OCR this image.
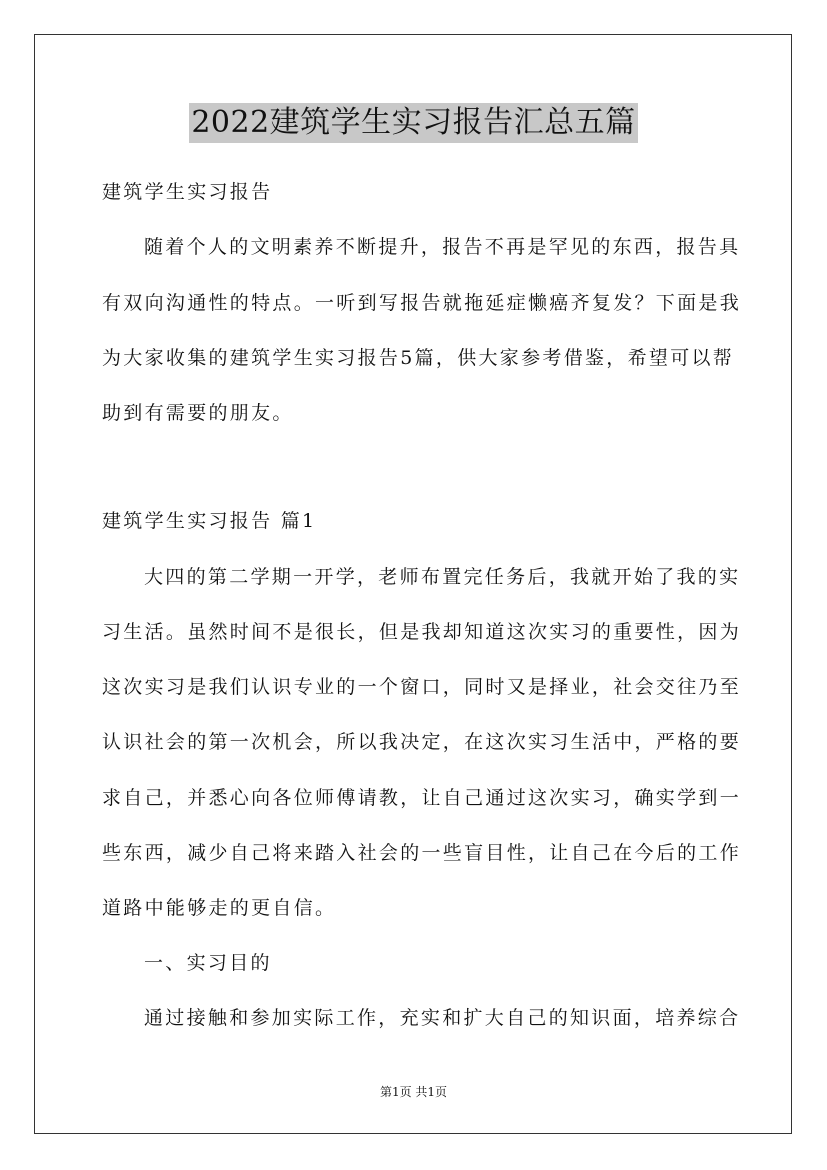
2022建筑学生实习报告汇总五篇
建筑学生实习报告
随着个人的文明素养不断提升，报告不再是罕见的东西，报告具
有双向沟通性的特点。一听到写报告就拖延症懒癌齐复发？下面是我
为大家收集的建筑学生实习报告5篇，供大家参考借鉴，希望可以帮
助到有需要的朋友。
建筑学生实习报告 篇1
大四的第二学期一开学，老师布置完任务后，我就开始了我的实
习生活。虽然时间不是很长，但是我却知道这次实习的重要性，因为
这次实习是我们认识专业的一个窗口，同时又是择业，社会交往乃至
认识社会的第一次机会，所以我决定，在这次实习生活中，严格的要
求自己，并悉心向各位师傅请教，让自己通过这次实习，确实学到一
些东西，减少自己将来踏入社会的一些盲目性，让自己在今后的工作
道路中能够走的更自信。
一、实习目的
通过接触和参加实际工作，充实和扩大自己的知识面，培养综合
第1页 共1页
